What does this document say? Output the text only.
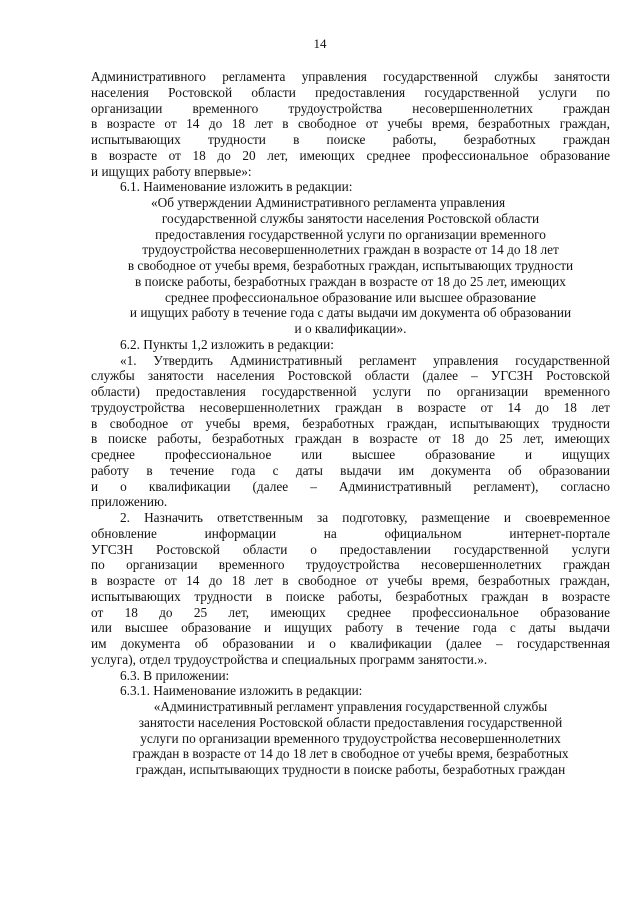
14
Административного регламента управления государственной службы занятости
населения Ростовской области предоставления государственной услуги по
организации временного трудоустройства несовершеннолетних граждан
в возрасте от 14 до 18 лет в свободное от учебы время, безработных граждан,
испытывающих трудности в поиске работы, безработных граждан
в возрасте от 18 до 20 лет, имеющих среднее профессиональное образование
и ищущих работу впервые»:
6.1. Наименование изложить в редакции:
«Об утверждении Административного регламента управления
государственной службы занятости населения Ростовской области
предоставления государственной услуги по организации временного
трудоустройства несовершеннолетних граждан в возрасте от 14 до 18 лет
в свободное от учебы время, безработных граждан, испытывающих трудности
в поиске работы, безработных граждан в возрасте от 18 до 25 лет, имеющих
среднее профессиональное образование или высшее образование
и ищущих работу в течение года с даты выдачи им документа об образовании
и о квалификации».
6.2. Пункты 1,2 изложить в редакции:
«1. Утвердить Административный регламент управления государственной
службы занятости населения Ростовской области (далее – УГСЗН Ростовской
области) предоставления государственной услуги по организации временного
трудоустройства несовершеннолетних граждан в возрасте от 14 до 18 лет
в свободное от учебы время, безработных граждан, испытывающих трудности
в поиске работы, безработных граждан в возрасте от 18 до 25 лет, имеющих
среднее профессиональное или высшее образование и ищущих
работу в течение года с даты выдачи им документа об образовании
и о квалификации (далее – Административный регламент), согласно
приложению.
2. Назначить ответственным за подготовку, размещение и своевременное
обновление информации на официальном интернет-портале
УГСЗН Ростовской области о предоставлении государственной услуги
по организации временного трудоустройства несовершеннолетних граждан
в возрасте от 14 до 18 лет в свободное от учебы время, безработных граждан,
испытывающих трудности в поиске работы, безработных граждан в возрасте
от 18 до 25 лет, имеющих среднее профессиональное образование
или высшее образование и ищущих работу в течение года с даты выдачи
им документа об образовании и о квалификации (далее – государственная
услуга), отдел трудоустройства и специальных программ занятости.».
6.3. В приложении:
6.3.1. Наименование изложить в редакции:
«Административный регламент управления государственной службы
занятости населения Ростовской области предоставления государственной
услуги по организации временного трудоустройства несовершеннолетних
граждан в возрасте от 14 до 18 лет в свободное от учебы время, безработных
граждан, испытывающих трудности в поиске работы, безработных граждан
